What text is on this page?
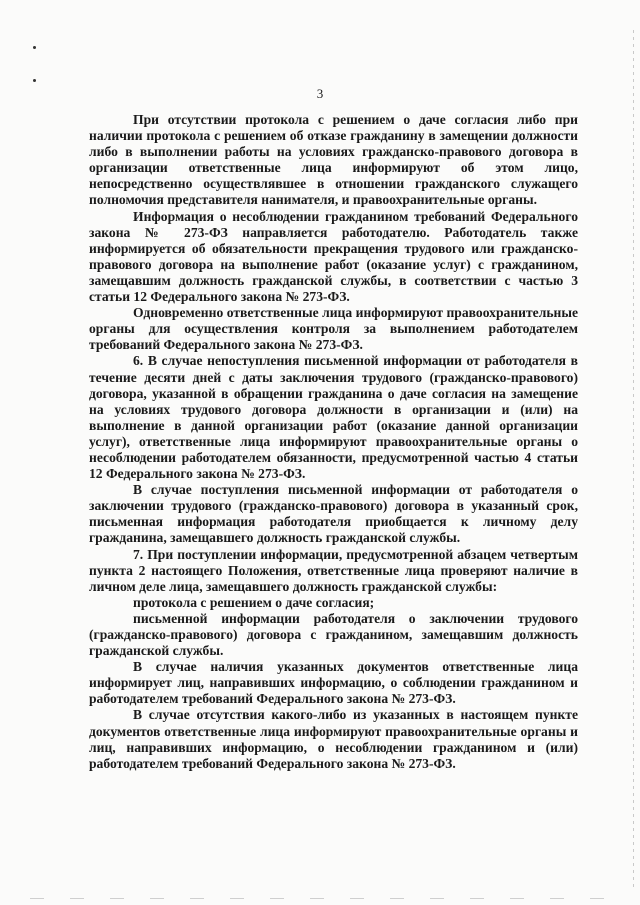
3

При отсутствии протокола с решением о даче согласия либо при наличии протокола с решением об отказе гражданину в замещении должности либо в выполнении работы на условиях гражданско-правового договора в организации ответственные лица информируют об этом лицо, непосредственно осуществлявшее в отношении гражданского служащего полномочия представителя нанимателя, и правоохранительные органы.

Информация о несоблюдении гражданином требований Федерального закона № 273-ФЗ направляется работодателю. Работодатель также информируется об обязательности прекращения трудового или гражданско-правового договора на выполнение работ (оказание услуг) с гражданином, замещавшим должность гражданской службы, в соответствии с частью 3 статьи 12 Федерального закона № 273-ФЗ.

Одновременно ответственные лица информируют правоохранительные органы для осуществления контроля за выполнением работодателем требований Федерального закона № 273-ФЗ.

6. В случае непоступления письменной информации от работодателя в течение десяти дней с даты заключения трудового (гражданско-правового) договора, указанной в обращении гражданина о даче согласия на замещение на условиях трудового договора должности в организации и (или) на выполнение в данной организации работ (оказание данной организации услуг), ответственные лица информируют правоохранительные органы о несоблюдении работодателем обязанности, предусмотренной частью 4 статьи 12 Федерального закона № 273-ФЗ.

В случае поступления письменной информации от работодателя о заключении трудового (гражданско-правового) договора в указанный срок, письменная информация работодателя приобщается к личному делу гражданина, замещавшего должность гражданской службы.

7. При поступлении информации, предусмотренной абзацем четвертым пункта 2 настоящего Положения, ответственные лица проверяют наличие в личном деле лица, замещавшего должность гражданской службы:

протокола с решением о даче согласия;

письменной информации работодателя о заключении трудового (гражданско-правового) договора с гражданином, замещавшим должность гражданской службы.

В случае наличия указанных документов ответственные лица информирует лиц, направивших информацию, о соблюдении гражданином и работодателем требований Федерального закона № 273-ФЗ.

В случае отсутствия какого-либо из указанных в настоящем пункте документов ответственные лица информируют правоохранительные органы и лиц, направивших информацию, о несоблюдении гражданином и (или) работодателем требований Федерального закона № 273-ФЗ.
